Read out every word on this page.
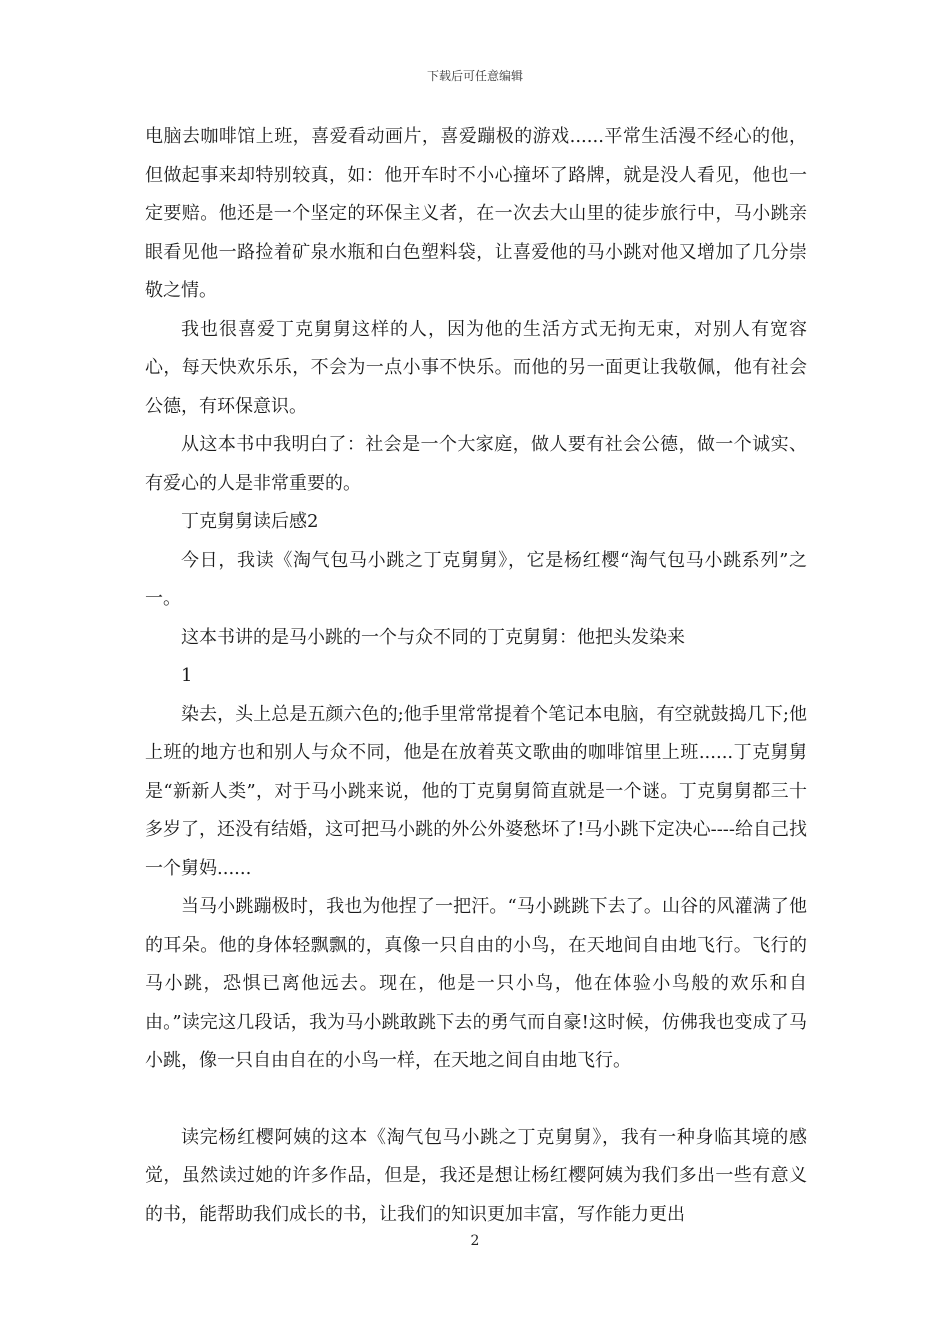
下载后可任意编辑

电脑去咖啡馆上班，喜爱看动画片，喜爱蹦极的游戏......平常生活漫不经心的他，但做起事来却特别较真，如：他开车时不小心撞坏了路牌，就是没人看见，他也一定要赔。他还是一个坚定的环保主义者，在一次去大山里的徒步旅行中，马小跳亲眼看见他一路捡着矿泉水瓶和白色塑料袋，让喜爱他的马小跳对他又增加了几分崇敬之情。

我也很喜爱丁克舅舅这样的人，因为他的生活方式无拘无束，对别人有宽容心，每天快欢乐乐，不会为一点小事不快乐。而他的另一面更让我敬佩，他有社会公德，有环保意识。

从这本书中我明白了：社会是一个大家庭，做人要有社会公德，做一个诚实、有爱心的人是非常重要的。

丁克舅舅读后感2

今日，我读《淘气包马小跳之丁克舅舅》，它是杨红樱“淘气包马小跳系列”之一。

这本书讲的是马小跳的一个与众不同的丁克舅舅：他把头发染来

1

染去，头上总是五颜六色的;他手里常常提着个笔记本电脑，有空就鼓捣几下;他上班的地方也和别人与众不同，他是在放着英文歌曲的咖啡馆里上班......丁克舅舅是“新新人类”，对于马小跳来说，他的丁克舅舅简直就是一个谜。丁克舅舅都三十多岁了，还没有结婚，这可把马小跳的外公外婆愁坏了!马小跳下定决心----给自己找一个舅妈......

当马小跳蹦极时，我也为他捏了一把汗。“马小跳跳下去了。山谷的风灌满了他的耳朵。他的身体轻飘飘的，真像一只自由的小鸟，在天地间自由地飞行。飞行的马小跳，恐惧已离他远去。现在，他是一只小鸟，他在体验小鸟般的欢乐和自由。”读完这几段话，我为马小跳敢跳下去的勇气而自豪!这时候，仿佛我也变成了马小跳，像一只自由自在的小鸟一样，在天地之间自由地飞行。

读完杨红樱阿姨的这本《淘气包马小跳之丁克舅舅》，我有一种身临其境的感觉，虽然读过她的许多作品，但是，我还是想让杨红樱阿姨为我们多出一些有意义的书，能帮助我们成长的书，让我们的知识更加丰富，写作能力更出

2
